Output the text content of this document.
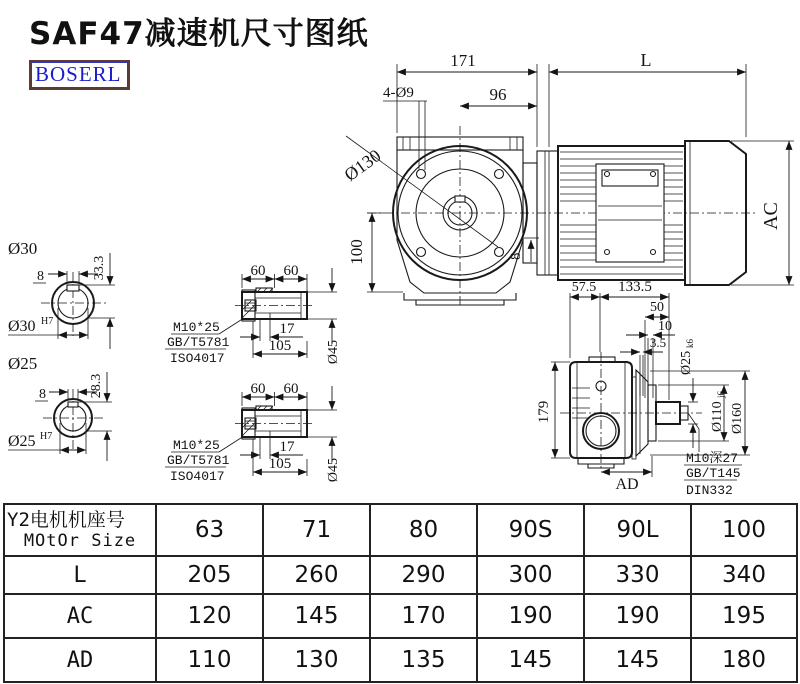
SAF47减速机尺寸图纸
BOSERL
171	L
96
4-Ø9
Ø130
100	8
AC
Ø30
8	33.3
Ø30 H7
Ø25
8	28.3
Ø25 H7
60 60
17
105 Ø45
M10*25
GB/T5781
ISO4017
60 60
17
105 Ø45
M10*25
GB/T5781
ISO4017
M10深27
GB/T145
DIN332
179
AD
57.5 133.5
50
10
3.5
Ø25
k6
Ø110
j6
Ø160
Y2电机机座号
MOtOr Size	63	71	80	90S	90L	100
L	205	260	290	300	330	340
AC	120	145	170	190	190	195
AD	110	130	135	145	145	180
